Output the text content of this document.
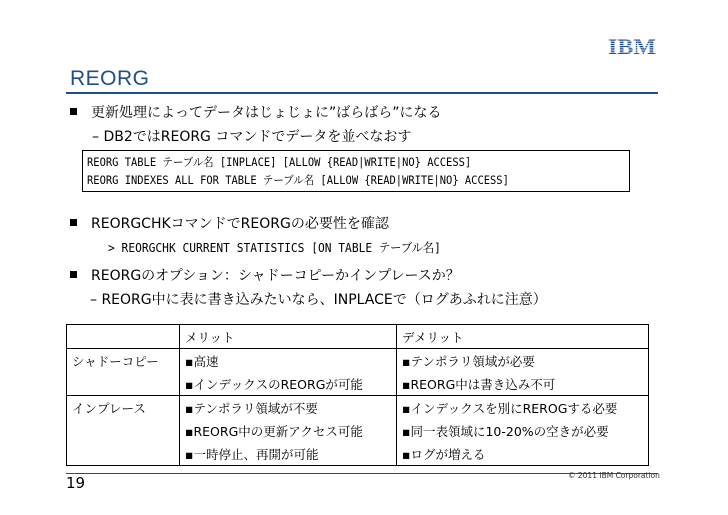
IBM
REORG
更新処理によってデータはじょじょに”ばらばら”になる
– DB2ではREORG コマンドでデータを並べなおす
REORG TABLE テーブル名 [INPLACE] [ALLOW {READ|WRITE|NO} ACCESS]
REORG INDEXES ALL FOR TABLE テーブル名 [ALLOW {READ|WRITE|NO} ACCESS]
REORGCHKコマンドでREORGの必要性を確認
> REORGCHK CURRENT STATISTICS [ON TABLE テーブル名]
REORGのオプション：シャドーコピーかインプレースか？
– REORG中に表に書き込みたいなら、INPLACEで（ログあふれに注意）
	メリット	デメリット
シャドーコピー	▪高速	▪テンポラリ領域が必要
	▪インデックスのREORGが可能	▪REORG中は書き込み不可
インプレース	▪テンポラリ領域が不要	▪インデックスを別にREROGする必要
	▪REORG中の更新アクセス可能	▪同一表領域に10-20%の空きが必要
	▪一時停止、再開が可能	▪ログが増える
19	© 2011 IBM Corporation
